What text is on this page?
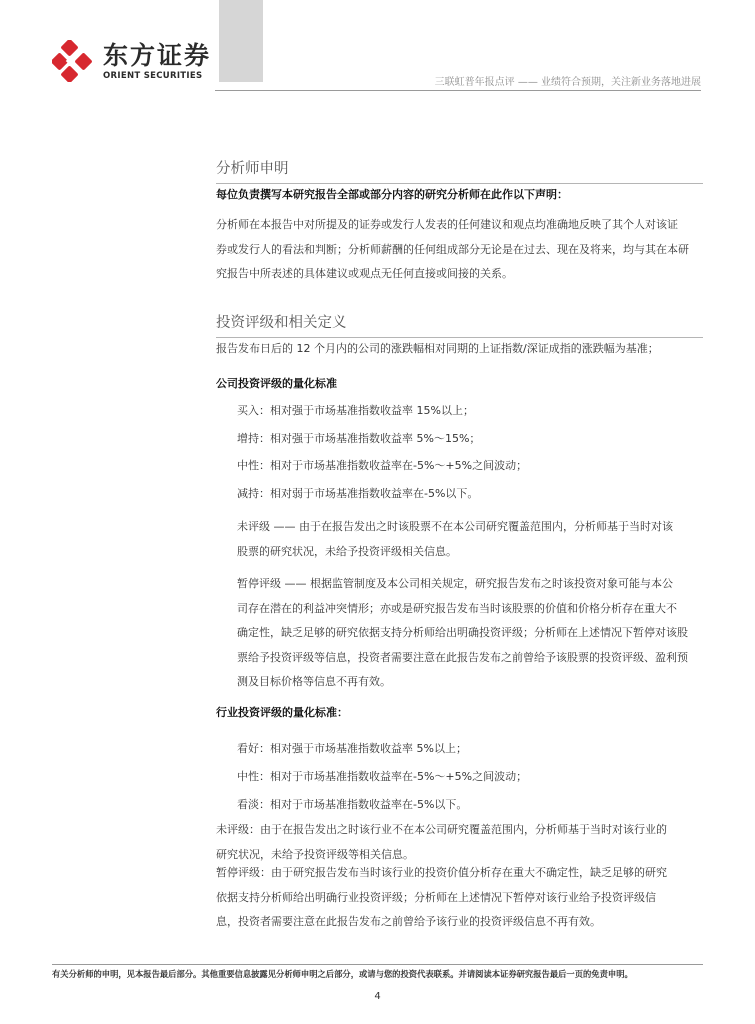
东方证券
ORIENT SECURITIES
三联虹普年报点评 —— 业绩符合预期，关注新业务落地进展
分析师申明
每位负责撰写本研究报告全部或部分内容的研究分析师在此作以下声明：
分析师在本报告中对所提及的证券或发行人发表的任何建议和观点均准确地反映了其个人对该证
券或发行人的看法和判断；分析师薪酬的任何组成部分无论是在过去、现在及将来，均与其在本研
究报告中所表述的具体建议或观点无任何直接或间接的关系。
投资评级和相关定义
报告发布日后的 12 个月内的公司的涨跌幅相对同期的上证指数/深证成指的涨跌幅为基准；
公司投资评级的量化标准
买入：相对强于市场基准指数收益率 15%以上；
增持：相对强于市场基准指数收益率 5%～15%；
中性：相对于市场基准指数收益率在-5%～+5%之间波动；
减持：相对弱于市场基准指数收益率在-5%以下。
未评级 —— 由于在报告发出之时该股票不在本公司研究覆盖范围内，分析师基于当时对该
股票的研究状况，未给予投资评级相关信息。
暂停评级 —— 根据监管制度及本公司相关规定，研究报告发布之时该投资对象可能与本公
司存在潜在的利益冲突情形；亦或是研究报告发布当时该股票的价值和价格分析存在重大不
确定性，缺乏足够的研究依据支持分析师给出明确投资评级；分析师在上述情况下暂停对该股
票给予投资评级等信息，投资者需要注意在此报告发布之前曾给予该股票的投资评级、盈利预
测及目标价格等信息不再有效。
行业投资评级的量化标准：
看好：相对强于市场基准指数收益率 5%以上；
中性：相对于市场基准指数收益率在-5%～+5%之间波动；
看淡：相对于市场基准指数收益率在-5%以下。
未评级：由于在报告发出之时该行业不在本公司研究覆盖范围内，分析师基于当时对该行业的
研究状况，未给予投资评级等相关信息。
暂停评级：由于研究报告发布当时该行业的投资价值分析存在重大不确定性，缺乏足够的研究
依据支持分析师给出明确行业投资评级；分析师在上述情况下暂停对该行业给予投资评级信
息，投资者需要注意在此报告发布之前曾给予该行业的投资评级信息不再有效。
有关分析师的申明，见本报告最后部分。其他重要信息披露见分析师申明之后部分，或请与您的投资代表联系。并请阅读本证券研究报告最后一页的免责申明。
4
